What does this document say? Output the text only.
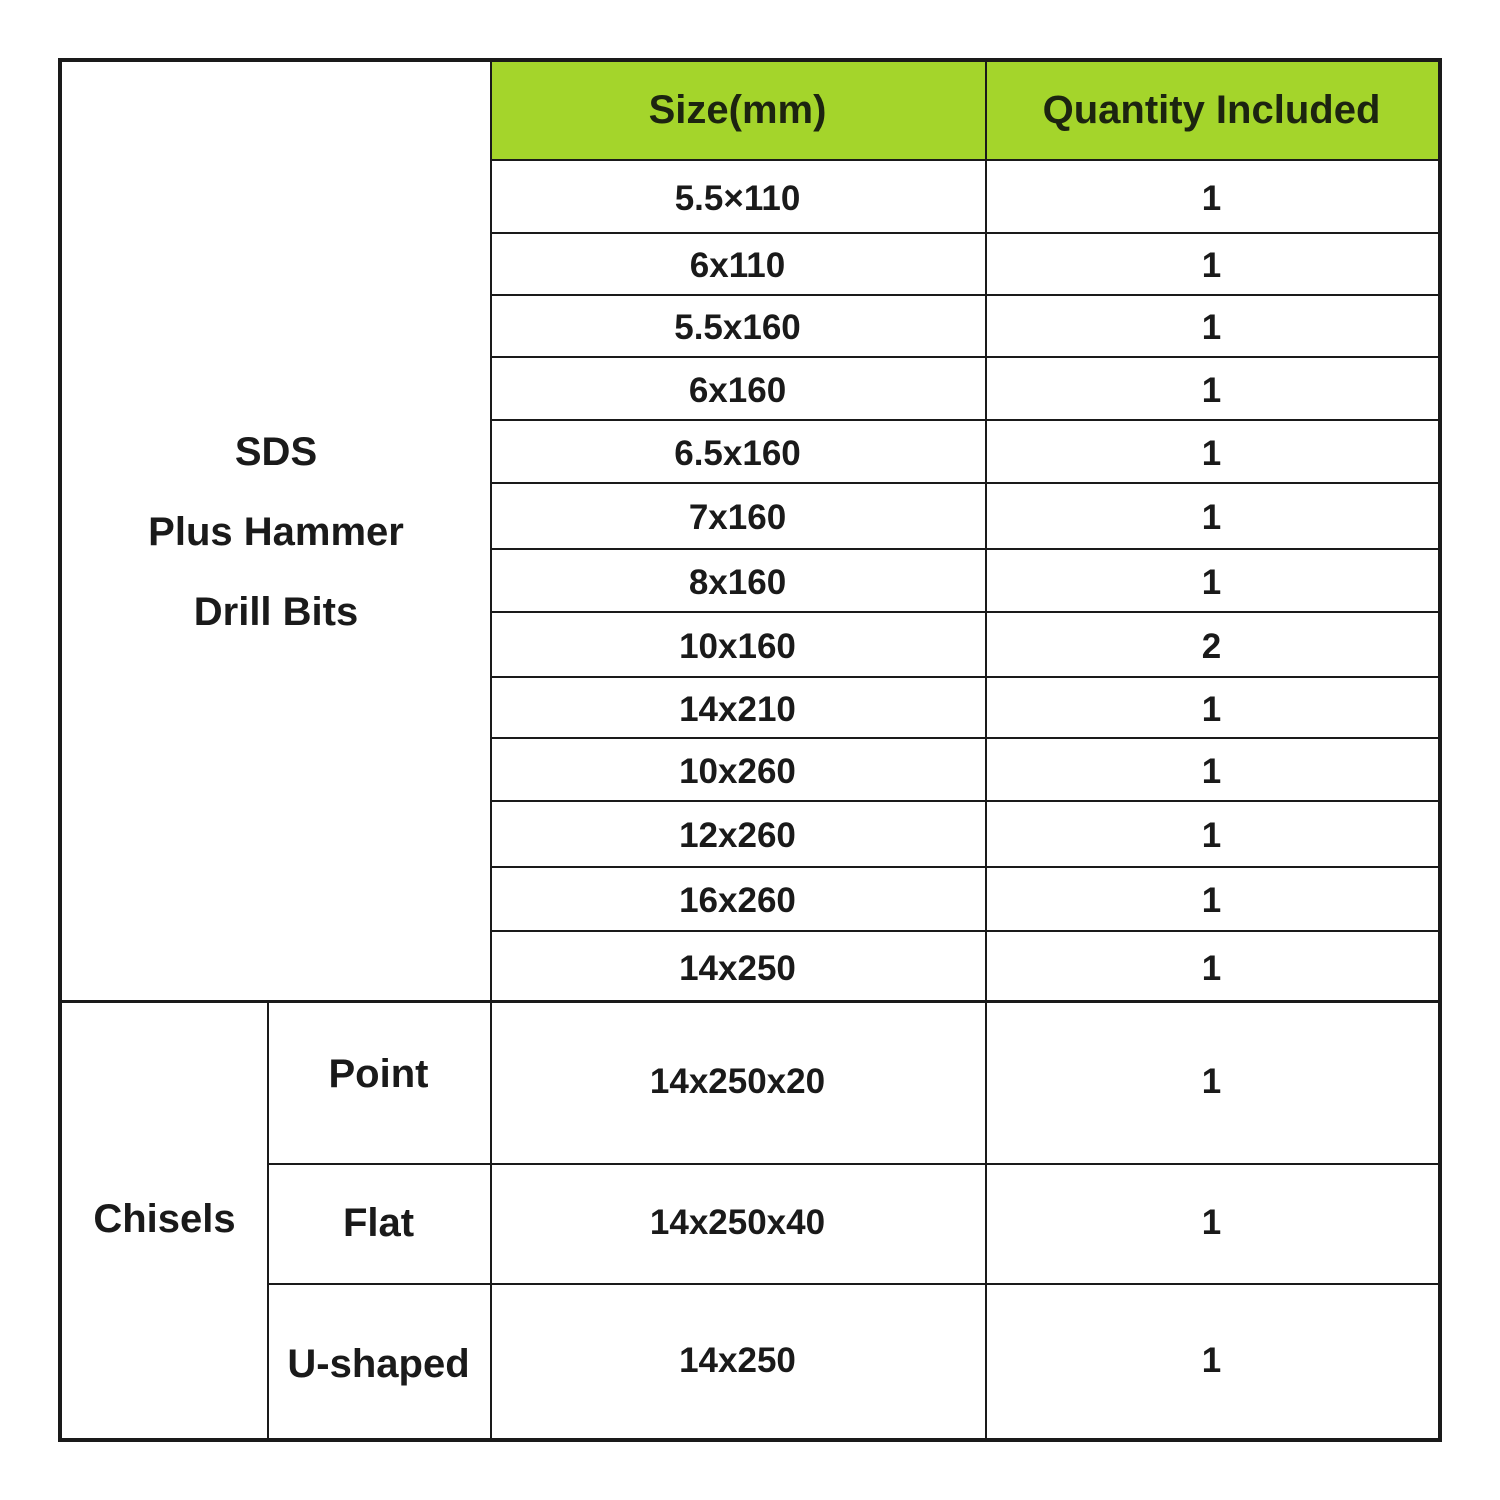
Size(mm)	Quantity Included
SDS
Plus Hammer
Drill Bits
5.5×110	1
6x110	1
5.5x160	1
6x160	1
6.5x160	1
7x160	1
8x160	1
10x160	2
14x210	1
10x260	1
12x260	1
16x260	1
14x250	1
Chisels
Point	14x250x20	1
Flat	14x250x40	1
U-shaped	14x250	1
